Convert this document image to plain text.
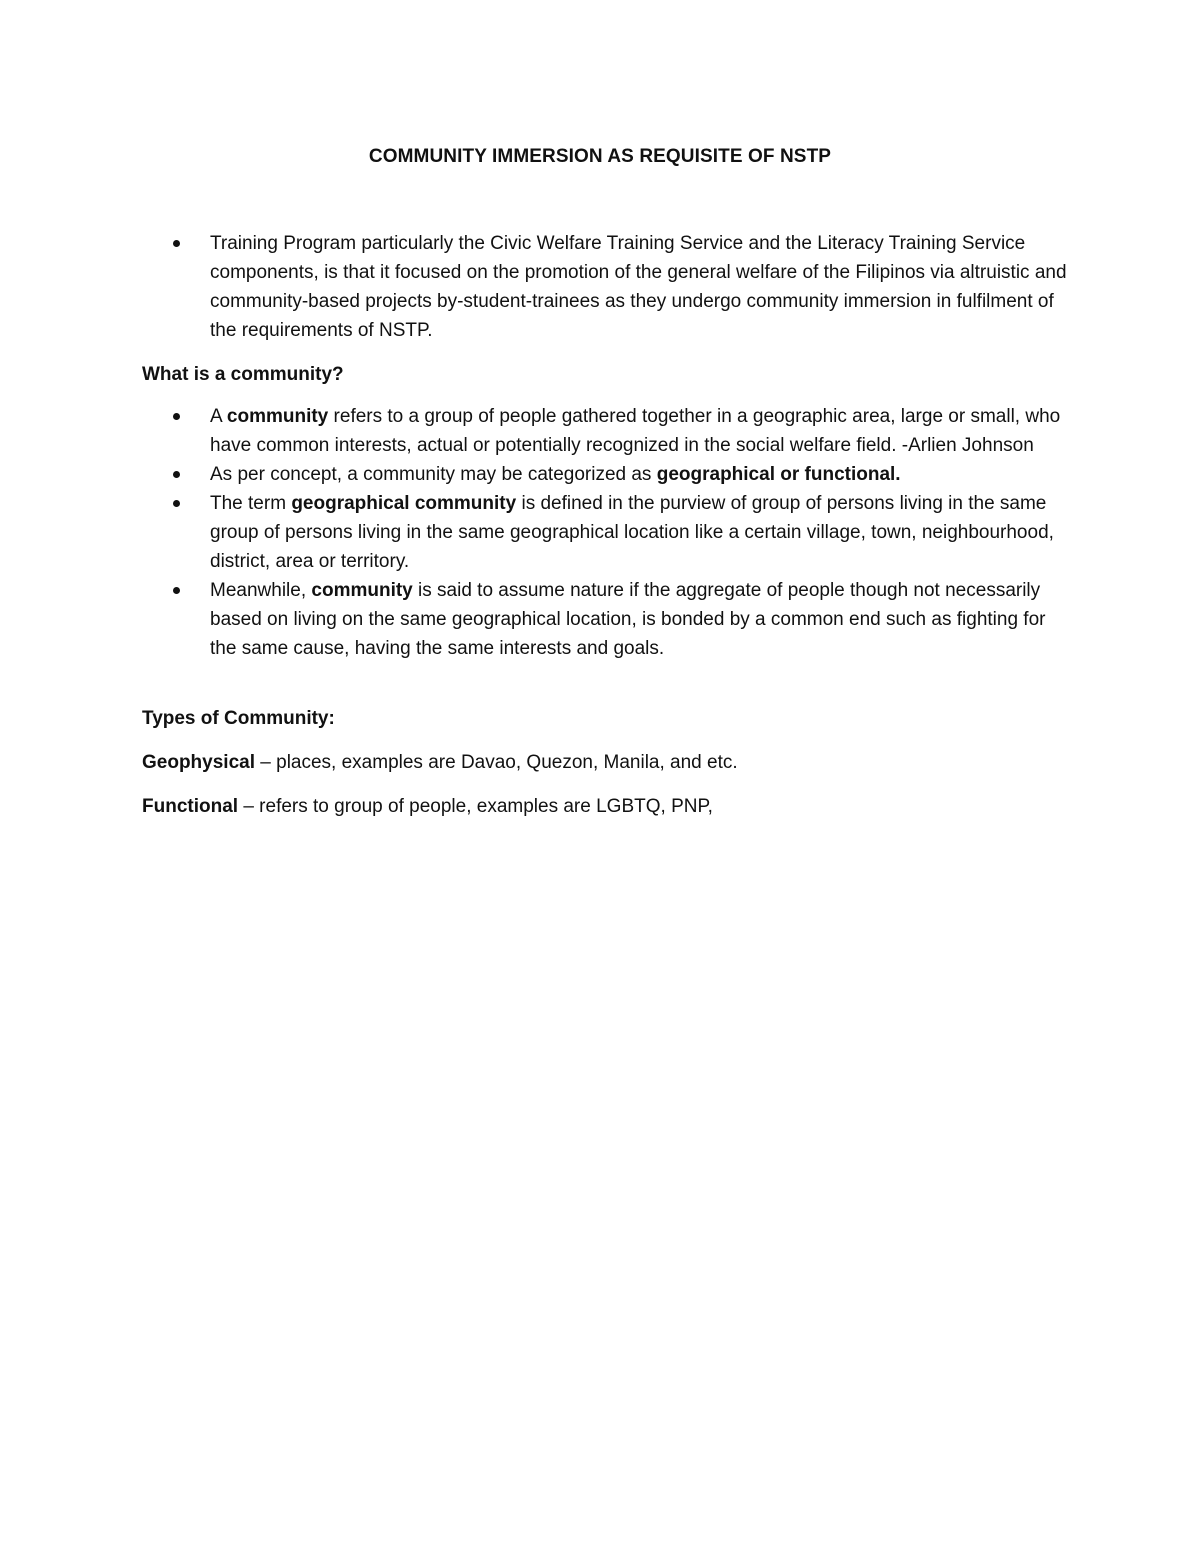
COMMUNITY IMMERSION AS REQUISITE OF NSTP
Training Program particularly the Civic Welfare Training Service and the Literacy Training Service components, is that it focused on the promotion of the general welfare of the Filipinos via altruistic and community-based projects by-student-trainees as they undergo community immersion in fulfilment of the requirements of NSTP.

What is a community?

A community refers to a group of people gathered together in a geographic area, large or small, who have common interests, actual or potentially recognized in the social welfare field. -Arlien Johnson
As per concept, a community may be categorized as geographical or functional.
The term geographical community is defined in the purview of group of persons living in the same group of persons living in the same geographical location like a certain village, town, neighbourhood, district, area or territory.
Meanwhile, community is said to assume nature if the aggregate of people though not necessarily based on living on the same geographical location, is bonded by a common end such as fighting for the same cause, having the same interests and goals.

Types of Community:

Geophysical – places, examples are Davao, Quezon, Manila, and etc.

Functional – refers to group of people, examples are LGBTQ, PNP,
